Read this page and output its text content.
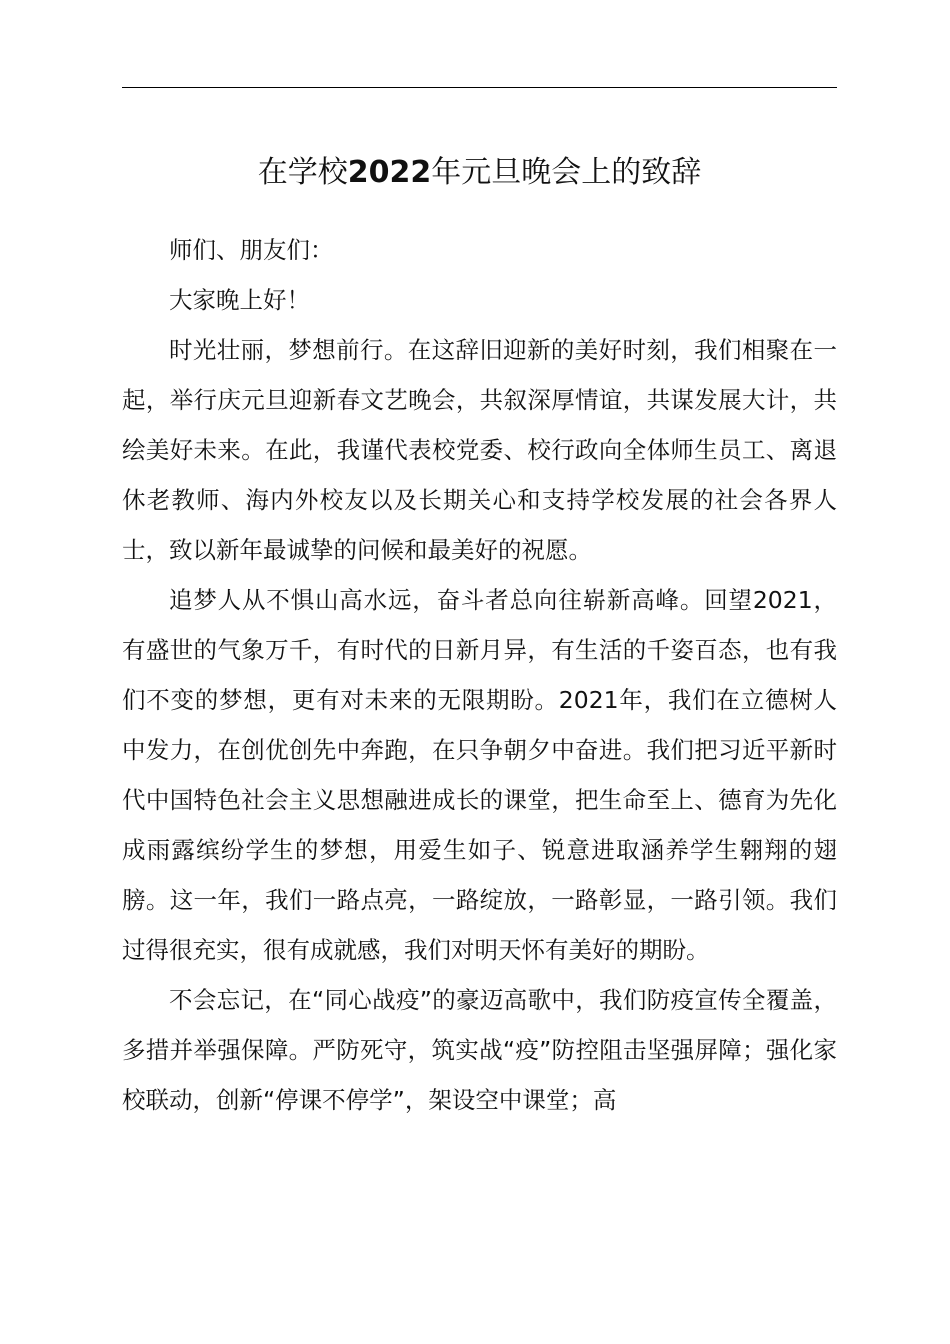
在学校2022年元旦晚会上的致辞

师们、朋友们：

大家晚上好！

时光壮丽，梦想前行。在这辞旧迎新的美好时刻，我们相聚在一起，举行庆元旦迎新春文艺晚会，共叙深厚情谊，共谋发展大计，共绘美好未来。在此，我谨代表校党委、校行政向全体师生员工、离退休老教师、海内外校友以及长期关心和支持学校发展的社会各界人士，致以新年最诚挚的问候和最美好的祝愿。

追梦人从不惧山高水远，奋斗者总向往崭新高峰。回望2021，有盛世的气象万千，有时代的日新月异，有生活的千姿百态，也有我们不变的梦想，更有对未来的无限期盼。2021年，我们在立德树人中发力，在创优创先中奔跑，在只争朝夕中奋进。我们把习近平新时代中国特色社会主义思想融进成长的课堂，把生命至上、德育为先化成雨露缤纷学生的梦想，用爱生如子、锐意进取涵养学生翱翔的翅膀。这一年，我们一路点亮，一路绽放，一路彰显，一路引领。我们过得很充实，很有成就感，我们对明天怀有美好的期盼。

不会忘记，在“同心战疫”的豪迈高歌中，我们防疫宣传全覆盖，多措并举强保障。严防死守，筑实战“疫”防控阻击坚强屏障；强化家校联动，创新“停课不停学”，架设空中课堂；高
